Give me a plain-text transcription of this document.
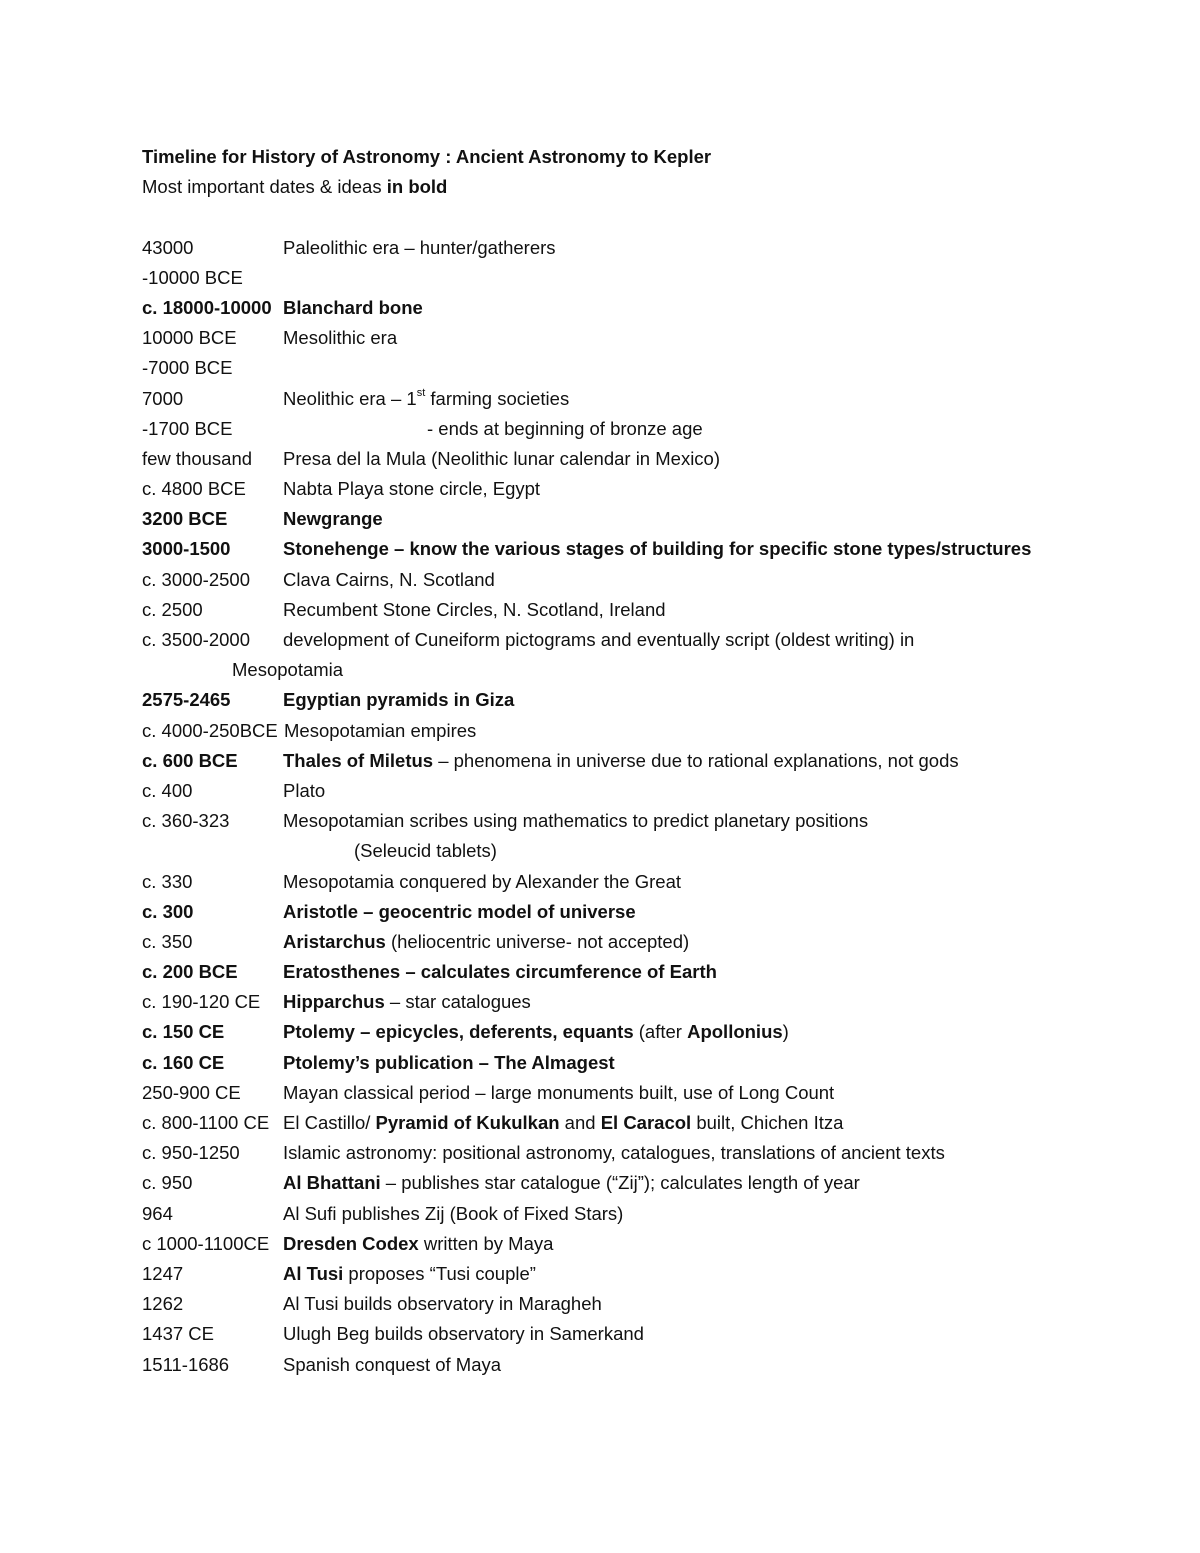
Timeline for History of Astronomy : Ancient Astronomy to Kepler
Most important dates & ideas in bold
43000	Paleolithic era – hunter/gatherers
-10000 BCE
c. 18000-10000 Blanchard bone
10000 BCE	Mesolithic era
-7000 BCE
7000	Neolithic era – 1st farming societies
-1700 BCE	- ends at beginning of bronze age
few thousand Presa del la Mula (Neolithic lunar calendar in Mexico)
c. 4800 BCE Nabta Playa stone circle, Egypt
3200 BCE	Newgrange
3000-1500	Stonehenge – know the various stages of building for specific stone types/structures
c. 3000-2500 Clava Cairns, N. Scotland
c. 2500	Recumbent Stone Circles, N. Scotland, Ireland
c. 3500-2000 development of Cuneiform pictograms and eventually script (oldest writing) in
Mesopotamia
2575-2465	Egyptian pyramids in Giza
c. 4000-250BCE Mesopotamian empires
c. 600 BCE Thales of Miletus – phenomena in universe due to rational explanations, not gods
c. 400	Plato
c. 360-323	Mesopotamian scribes using mathematics to predict planetary positions
(Seleucid tablets)
c. 330	Mesopotamia conquered by Alexander the Great
c. 300	Aristotle – geocentric model of universe
c. 350	Aristarchus (heliocentric universe- not accepted)
c. 200 BCE Eratosthenes – calculates circumference of Earth
c. 190-120 CE Hipparchus – star catalogues
c. 150 CE	Ptolemy – epicycles, deferents, equants (after Apollonius)
c. 160 CE	Ptolemy’s publication – The Almagest
250-900 CE Mayan classical period – large monuments built, use of Long Count
c. 800-1100 CE El Castillo/ Pyramid of Kukulkan and El Caracol built, Chichen Itza
c. 950-1250 Islamic astronomy: positional astronomy, catalogues, translations of ancient texts
c. 950	Al Bhattani – publishes star catalogue (“Zij”); calculates length of year
964	Al Sufi publishes Zij (Book of Fixed Stars)
c 1000-1100CE Dresden Codex written by Maya
1247	Al Tusi proposes “Tusi couple”
1262	Al Tusi builds observatory in Maragheh
1437 CE	Ulugh Beg builds observatory in Samerkand
1511-1686	Spanish conquest of Maya
